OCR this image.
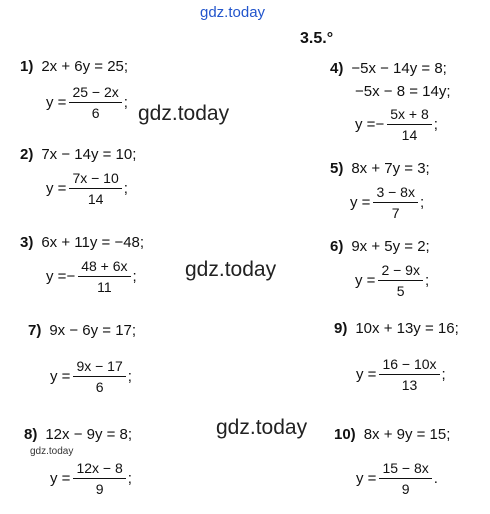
gdz.today
gdz.today
gdz.today
gdz.today
gdz.today
3.5.°
1) 2x + 6y = 25;
$y = \frac{25 - 2x}{6}$ ;
2) 7x − 14y = 10;
$y = \frac{7x - 10}{14}$ ;
3) 6x + 11y = −48;
y = − $\frac{48 + 6x}{11}$ ;
4) −5x − 14y = 8;
−5x − 8 = 14y;
y = − $\frac{5x + 8}{14}$ ;
5) 8x + 7y = 3;
$y = \frac{3 - 8x}{7}$ ;
6) 9x + 5y = 2;
$y = \frac{2 - 9x}{5}$ ;
7) 9x − 6y = 17;
$y = \frac{9x - 17}{6}$ ;
8) 12x − 9y = 8;
$y = \frac{12x - 8}{9}$ ;
9) 10x + 13y = 16;
$y = \frac{16 - 10x}{13}$ ;
10) 8x + 9y = 15;
$y = \frac{15 - 8x}{9}$ .
